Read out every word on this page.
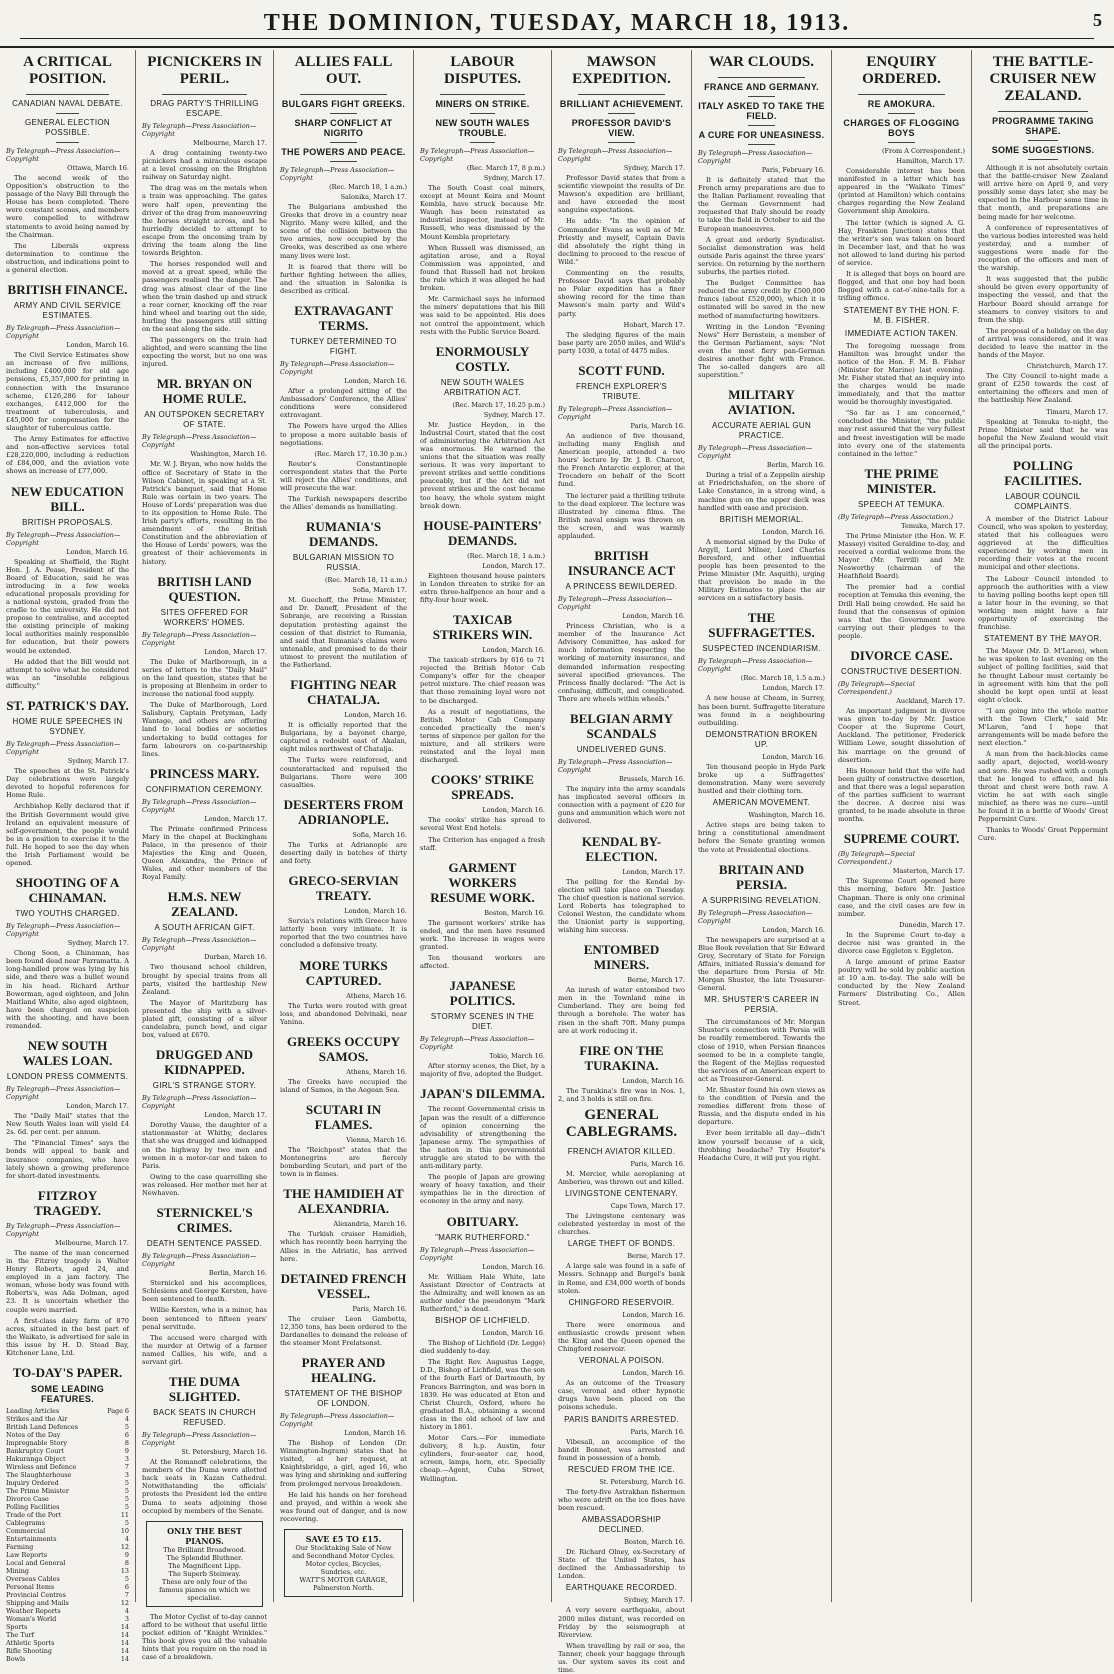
THE DOMINION, TUESDAY, MARCH 18, 1913.	5
A CRITICAL POSITION.
CANADIAN NAVAL DEBATE.
GENERAL ELECTION POSSIBLE.
By Telegraph—Press Association—Copyright
Ottawa, March 16.
The second week of the Opposition's obstruction to the passage of the Navy Bill through the House has been completed. There were constant scenes, and members were compelled to withdraw statements to avoid being named by the Chairman.
The Liberals express determination to continue the obstruction, and indications point to a general election.
BRITISH FINANCE.
ARMY AND CIVIL SERVICE ESTIMATES.
By Telegraph—Press Association—Copyright
London, March 16.
The Civil Service Estimates show an increase of five millions, including £400,000 for old age pensions, £5,357,000 for printing in connection with the Insurance scheme, £126,286 for labour exchanges, £412,000 for the treatment of tuberculosis, and £45,000 for compensation for the slaughter of tuberculous cattle.
The Army Estimates for effective and non-effective services total £28,220,000, including a reduction of £84,000, and the aviation vote shows an increase of £77,000.
NEW EDUCATION BILL.
BRITISH PROPOSALS.
By Telegraph—Press Association—Copyright
London, March 16.
Speaking at Sheffield, the Right Hon. J. A. Pease, President of the Board of Education, said he was introducing in a few weeks educational proposals providing for a national system, graded from the cradle to the university. He did not propose to centralise, and accepted the existing principle of making local authorities mainly responsible for education, but their powers would be extended.
He added that the Bill would not attempt to solve what he considered was an "insoluble religious difficulty."
ST. PATRICK'S DAY.
HOME RULE SPEECHES IN SYDNEY.
By Telegraph—Press Association—Copyright
Sydney, March 17.
The speeches at the St. Patrick's Day celebrations were largely devoted to hopeful references for Home Rule.
Archbishop Kelly declared that if the British Government would give Ireland an equivalent measure of self-government, the people would be in a position to exercise it to the full. He hoped to see the day when the Irish Parliament would be opened.
SHOOTING OF A CHINAMAN.
TWO YOUTHS CHARGED.
By Telegraph—Press Association—Copyright
Sydney, March 17.
Chong Soon, a Chinaman, has been found dead near Parramatta. A long-handled prow was lying by his side, and there was a bullet wound in his head. Richard Arthur Bowerman, aged eighteen, and John Maitland White, also aged eighteen, have been charged on suspicion with the shooting, and have been remanded.
NEW SOUTH WALES LOAN.
LONDON PRESS COMMENTS.
By Telegraph—Press Association—Copyright
London, March 17.
The "Daily Mail" states that the New South Wales loan will yield £4 2s. 6d. per cent. per annum.
The "Financial Times" says the bonds will appeal to bank and insurance companies, who have lately shown a growing preference for short-dated investments.
FITZROY TRAGEDY.
By Telegraph—Press Association—Copyright
Melbourne, March 17.
The name of the man concerned in the Fitzroy tragedy is Walter Henry Roberts, aged 24, and employed in a jam factory. The woman, whose body was found with Roberts's, was Ada Dolman, aged 23. It is uncertain whether the couple were married.
A first-class dairy farm of 870 acres, situated in the best part of the Waikato, is advertised for sale in this issue by H. D. Stead Bay, Kitchener Lane, Ltd.
TO-DAY'S PAPER.
SOME LEADING FEATURES.
Leading Articles	Page 6
Strikes and the Air	4
British Land Defences	5
Notes of the Day	6
Impregnable Story	8
Bankruptcy Court	9
Hakuranga Object	3
Wireless and Defence	7
The Slaughterhouse	3
Inquiry Ordered	5
The Prime Minister	5
Divorce Case	5
Polling Facilities	5
Trade of the Port	11
Cablegrams	5
Commercial	10
Entertainments	4
Farming	12
Law Reports	9
Local and General	8
Mining	13
Overseas Cables	5
Personal Items	6
Provincial Centres	7
Shipping and Mails	12
Weather Reports	4
Woman's World	3
Sports	14
The Turf	14
Athletic Sports	14
Rifle Shooting	14
Bowls	14
PICNICKERS IN PERIL.
DRAG PARTY'S THRILLING ESCAPE.
By Telegraph—Press Association—Copyright
Melbourne, March 17.
A drag containing twenty-two picnickers had a miraculous escape at a level crossing on the Brighton railway on Saturday night.
The drag was on the metals when a train was approaching. The gates were half open, preventing the driver of the drag from manoeuvring the horses straight across, and he hurriedly decided to attempt to escape from the oncoming train by driving the team along the line towards Brighton.
The horses responded well and moved at a great speed, while the passengers realised the danger. The drag was almost clear of the line when the train dashed up and struck a rear corner, knocking off the rear hind wheel and tearing out the side, hurling the passengers still sitting on the seat along the side.
The passengers on the train had alighted, and were scanning the line expecting the worst, but no one was injured.
MR. BRYAN ON HOME RULE.
AN OUTSPOKEN SECRETARY OF STATE.
By Telegraph—Press Association—Copyright
Washington, March 16.
Mr. W. J. Bryan, who now holds the office of Secretary of State in the Wilson Cabinet, in speaking at a St. Patrick's banquet, said that Home Rule was certain in two years. The House of Lords' preparation was due to its opposition to Home Rule. The Irish party's efforts, resulting in the amendment of the British Constitution and the abbreviation of the House of Lords' powers, was the greatest of their achievements in history.
BRITISH LAND QUESTION.
SITES OFFERED FOR WORKERS' HOMES.
By Telegraph—Press Association—Copyright
London, March 17.
The Duke of Marlborough, in a series of letters to the "Daily Mail" on the land question, states that he is proposing at Blenheim in order to increase the national food supply.
The Duke of Marlborough, Lord Salisbury, Captain Pretyman, Lady Wantage, and others are offering land to local bodies or societies undertaking to build cottages for farm labourers on co-partnership lines.
PRINCESS MARY.
CONFIRMATION CEREMONY.
By Telegraph—Press Association—Copyright
London, March 17.
The Primate confirmed Princess Mary in the chapel at Buckingham Palace, in the presence of their Majesties the King and Queen, Queen Alexandra, the Prince of Wales, and other members of the Royal Family.
H.M.S. NEW ZEALAND.
A SOUTH AFRICAN GIFT.
By Telegraph—Press Association—Copyright
Durban, March 16.
Two thousand school children, brought by special trains from all parts, visited the battleship New Zealand.
The Mayor of Maritzburg has presented the ship with a silver-plated gift, consisting of a silver candelabra, punch bowl, and cigar box, valued at £670.
DRUGGED AND KIDNAPPED.
GIRL'S STRANGE STORY.
By Telegraph—Press Association—Copyright
London, March 17.
Dorothy Vause, the daughter of a stationmaster at Whitby, declares that she was drugged and kidnapped on the highway by two men and women in a motor-car and taken to Paris.
Owing to the case quarrelling she was released. Her mother met her at Newhaven.
STERNICKEL'S CRIMES.
DEATH SENTENCE PASSED.
By Telegraph—Press Association—Copyright
Berlin, March 16.
Sternickel and his accomplices, Schlesiens and George Kersten, have been sentenced to death.
Willie Kersten, who is a minor, has been sentenced to fifteen years' penal servitude.
The accused were charged with the murder at Ortwig of a farmer named Callies, his wife, and a servant girl.
THE DUMA SLIGHTED.
BACK SEATS IN CHURCH REFUSED.
By Telegraph—Press Association—Copyright
St. Petersburg, March 16.
At the Romanoff celebrations, the members of the Duma were allotted back seats in Kazan Cathedral. Notwithstanding the officials' protests the President led the entire Duma to seats adjoining those occupied by members of the Senate.
ONLY THE BEST PIANOS.
The Brilliant Broadwood.
The Splendid Bluthner.
The Magnificent Lipp.
The Superb Steinway.
These are only four of the famous pianos on which we specialise.
The Motor Cyclist of to-day cannot afford to be without that useful little pocket edition of "Knight Wrinkles." This book gives you all the valuable hints that you require on the road in case of a breakdown.
ALLIES FALL OUT.
BULGARS FIGHT GREEKS.
SHARP CONFLICT AT NIGRITO
THE POWERS AND PEACE.
By Telegraph—Press Association—Copyright
(Rec. March 18, 1 a.m.)
Salonika, March 17.
The Bulgarians ambushed the Greeks that drove in a country near Nigrito. Many were killed, and the scene of the collision between the two armies, now occupied by the Greeks, was described as one where many lives were lost.
It is feared that there will be further fighting between the allies, and the situation in Salonika is described as critical.
EXTRAVAGANT TERMS.
TURKEY DETERMINED TO FIGHT.
By Telegraph—Press Association—Copyright
London, March 16.
After a prolonged sitting of the Ambassadors' Conference, the Allies' conditions were considered extravagant.
The Powers have urged the Allies to propose a more suitable basis of negotiations.
(Rec. March 17, 10.30 p.m.)
Reuter's Constantinople correspondent states that the Porte will reject the Allies' conditions, and will prosecute the war.
The Turkish newspapers describe the Allies' demands as humiliating.
RUMANIA'S DEMANDS.
BULGARIAN MISSION TO RUSSIA.
(Rec. March 18, 11 a.m.)
Sofia, March 17.
M. Guechoff, the Prime Minister, and Dr. Daneff, President of the Sobranje, are receiving a Russian deputation protesting against the cession of that district to Rumania, and said that Rumania's claims were untenable, and promised to do their utmost to prevent the mutilation of the Fatherland.
FIGHTING NEAR CHATALJA.
London, March 16.
It is officially reported that the Bulgarians, by a bayonet charge, captured a redoubt east of Akalan, eight miles northwest of Chatalja.
The Turks were reinforced, and counterattacked and repulsed the Bulgarians. There were 300 casualties.
DESERTERS FROM ADRIANOPLE.
Sofia, March 16.
The Turks at Adrianople are deserting daily in batches of thirty and forty.
GRECO-SERVIAN TREATY.
London, March 16.
Servia's relations with Greece have latterly been very intimate. It is reported that the two countries have concluded a defensive treaty.
MORE TURKS CAPTURED.
Athens, March 16.
The Turks were routed with great loss, and abandoned Delvinaki, near Yanina.
GREEKS OCCUPY SAMOS.
Athens, March 16.
The Greeks have occupied the island of Samos, in the Aegean Sea.
SCUTARI IN FLAMES.
Vienna, March 16.
The "Reichpost" states that the Montenegrins are fiercely bombarding Scutari, and part of the town is in flames.
THE HAMIDIEH AT ALEXANDRIA.
Alexandria, March 16.
The Turkish cruiser Hamidieh, which has recently been harrying the Allies in the Adriatic, has arrived here.
DETAINED FRENCH VESSEL.
Paris, March 16.
The cruiser Leon Gambetta, 12,350 tons, has been ordered to the Dardanelles to demand the release of the steamer Mont Frelatsonst.
PRAYER AND HEALING.
STATEMENT OF THE BISHOP OF LONDON.
By Telegraph—Press Association—Copyright
London, March 16.
The Bishop of London (Dr. Winnington-Ingram) states that he visited, at her request, at Knightsbridge, a girl, aged 16, who was lying and shrinking and suffering from prolonged nervous breakdown.
He laid his hands on her forehead and prayed, and within a week she was found out of danger, and is now recovering.
SAVE £5 TO £15.
Our Stocktaking Sale of New and Secondhand Motor Cycles. Motor cycles, Bicycles, Sundries, etc.
WATT'S MOTOR GARAGE,
Palmerston North.
LABOUR DISPUTES.
MINERS ON STRIKE.
NEW SOUTH WALES TROUBLE.
By Telegraph—Press Association—Copyright
(Rec. March 17, 8 p.m.)
Sydney, March 17.
The South Coast coal miners, except at Mount Keira and Mount Kembla, have struck because Mr. Waugh has been reinstated as industrial inspector, instead of Mr. Russell, who was dismissed by the Mount Kembla proprietary.
When Russell was dismissed, an agitation arose, and a Royal Commission was appointed, and found that Russell had not broken the rule which it was alleged he had broken.
Mr. Carmichael says he informed the miners' deputations that his Bill was said to be appointed. His does not control the appointment, which rests with the Public Service Board.
ENORMOUSLY COSTLY.
NEW SOUTH WALES ARBITRATION ACT.
(Rec. March 17, 10.25 p.m.)
Sydney, March 17.
Mr. Justice Heydon, in the Industrial Court, stated that the cost of administering the Arbitration Act was enormous. He warned the unions that the situation was really serious. It was very important to prevent strikes and settle conditions peaceably, but if the Act did not prevent strikes and the cost became too heavy, the whole system might break down.
HOUSE-PAINTERS' DEMANDS.
(Rec. March 18, 1 a.m.)
London, March 17.
Eighteen thousand house painters in London threaten to strike for an extra three-halfpence an hour and a fifty-four hour week.
TAXICAB STRIKERS WIN.
London, March 16.
The taxicab strikers by 616 to 71 rejected the British Motor Cab Company's offer for the cheaper petrol mixture. The chief reason was that those remaining loyal were not to be discharged.
As a result of negotiations, the British Motor Cab Company conceded practically the men's terms of sixpence per gallon for the mixture, and all strikers were reinstated and the loyal men discharged.
COOKS' STRIKE SPREADS.
London, March 16.
The cooks' strike has spread to several West End hotels.
The Criterion has engaged a fresh staff.
GARMENT WORKERS RESUME WORK.
Boston, March 16.
The garment workers' strike has ended, and the men have resumed work. The increase in wages were granted.
Ten thousand workers are affected.
JAPANESE POLITICS.
STORMY SCENES IN THE DIET.
By Telegraph—Press Association—Copyright
Tokio, March 16.
After stormy scenes, the Diet, by a majority of five, adopted the Budget.
JAPAN'S DILEMMA.
The recent Governmental crisis in Japan was the result of a difference of opinion concerning the advisability of strengthening the Japanese army. The sympathies of the nation in this governmental struggle are stated to be with the anti-military party.
The people of Japan are growing weary of heavy taxation, and their sympathies lie in the direction of economy in the army and navy.
OBITUARY.
"MARK RUTHERFORD."
By Telegraph—Press Association—Copyright
London, March 16.
Mr. William Hale White, late Assistant Director of Contracts at the Admiralty, and well known as an author under the pseudonym "Mark Rutherford," is dead.
BISHOP OF LICHFIELD.
London, March 16.
The Bishop of Lichfield (Dr. Legge) died suddenly to-day.
The Right Rev. Augustus Legge, D.D., Bishop of Lichfield, was the son of the fourth Earl of Dartmouth, by Frances Barrington, and was born in 1839. He was educated at Eton and Christ Church, Oxford, where he graduated B.A., obtaining a second class in the old school of law and history in 1861.
Motor Cars.—For immediate delivery, 8 h.p. Austin, four cylinders, four-seater car, hood, screen, lamps, horn, etc. Specially cheap.—Agent, Cuba Street, Wellington.
MAWSON EXPEDITION.
BRILLIANT ACHIEVEMENT.
PROFESSOR DAVID'S VIEW.
By Telegraph—Press Association—Copyright
Sydney, March 17.
Professor David states that from a scientific viewpoint the results of Dr. Mawson's expedition are brilliant, and have exceeded the most sanguine expectations.
He adds: "In the opinion of Commander Evans as well as of Mr. Priestly and myself, Captain Davis did absolutely the right thing in declining to proceed to the rescue of Wild."
Commenting on the results, Professor David says that probably no Polar expedition has a finer showing record for the time than Mawson's main party and Wild's party.
Hobart, March 17.
The sledging figures of the main base party are 2050 miles, and Wild's party 1030, a total of 4475 miles.
SCOTT FUND.
FRENCH EXPLORER'S TRIBUTE.
By Telegraph—Press Association—Copyright
Paris, March 16.
An audience of five thousand, including many English and American people, attended a two hours' lecture by Dr. J. B. Charcot, the French Antarctic explorer, at the Trocadero on behalf of the Scott fund.
The lecturer paid a thrilling tribute to the dead explorer. The lecture was illustrated by cinema films. The British naval ensign was thrown on the screen, and was warmly applauded.
BRITISH INSURANCE ACT
A PRINCESS BEWILDERED.
By Telegraph—Press Association—Copyright
London, March 16.
Princess Christian, who is a member of the Insurance Act Advisory Committee, has asked for much information respecting the working of maternity insurance, and demanded information respecting several specified grievances. The Princess finally declared: "The Act is confusing, difficult, and complicated. There are wheels within wheels."
BELGIAN ARMY SCANDALS
UNDELIVERED GUNS.
By Telegraph—Press Association—Copyright
Brussels, March 16.
The inquiry into the army scandals has implicated several officers in connection with a payment of £20 for guns and ammunition which were not delivered.
KENDAL BY-ELECTION.
London, March 17.
The polling for the Kendal by-election will take place on Tuesday. The chief question is national service. Lord Roberts has telegraphed to Colonel Weston, the candidate whom the Unionist party is supporting, wishing him success.
ENTOMBED MINERS.
Berne, March 17.
An inrush of water entombed two men in the Townland mine in Cumberland. They are being fed through a borehole. The water has risen in the shaft 70ft. Many pumps are at work reducing it.
FIRE ON THE TURAKINA.
London, March 16.
The Turakina's fire was in Nos. 1, 2, and 3 holds is still on fire.
GENERAL CABLEGRAMS.
FRENCH AVIATOR KILLED.
Paris, March 16.
M. Mercier, while aeroplaning at Amberieu, was thrown out and killed.
LIVINGSTONE CENTENARY.
Cape Town, March 17.
The Livingstone centenary was celebrated yesterday in most of the churches.
LARGE THEFT OF BONDS.
Berne, March 17.
A large sale was found in a safe of Messrs. Schnapp and Burgel's bank in Rome, and £34,000 worth of bonds stolen.
CHINGFORD RESERVOIR.
London, March 16.
There were enormous and enthusiastic crowds present when the King and the Queen opened the Chingford reservoir.
VERONAL A POISON.
London, March 16.
As an outcome of the Treasury case, veronal and other hypnotic drugs have been placed on the poisons schedule.
PARIS BANDITS ARRESTED.
Paris, March 16.
Vibesall, an accomplice of the bandit Bonnet, was arrested and found in possession of a bomb.
RESCUED FROM THE ICE.
St. Petersburg, March 16.
The forty-five Astrakhan fishermen who were adrift on the ice floes have been rescued.
AMBASSADORSHIP DECLINED.
Boston, March 16.
Dr. Richard Olney, ex-Secretary of State of the United States, has declined the Ambassadorship to London.
EARTHQUAKE RECORDED.
Sydney, March 17.
A very severe earthquake, about 2000 miles distant, was recorded on Friday by the seismograph at Riverview.
When travelling by rail or sea, the Tanner, cheek your baggage through us. Our system saves its cost and time.
WAR CLOUDS.
FRANCE AND GERMANY.
ITALY ASKED TO TAKE THE FIELD.
A CURE FOR UNEASINESS.
By Telegraph—Press Association—Copyright
Paris, February 16.
It is definitely stated that the French army preparations are due to the Italian Parliament revealing that the German Government had requested that Italy should be ready to take the field in October to aid the European manoeuvres.
A great and orderly Syndicalist-Socialist demonstration was held outside Paris against the three years' service. On returning by the northern suburbs, the parties rioted.
The Budget Committee has reduced the army credit by £500,000 francs (about £520,000), which it is estimated will be saved in the new method of manufacturing howitzers.
Writing in the London "Evening News" Herr Bernstein, a member of the German Parliament, says: "Not even the most fiery pan-German desires another fight with France. The so-called dangers are all superstition."
MILITARY AVIATION.
ACCURATE AERIAL GUN PRACTICE.
By Telegraph—Press Association—Copyright
Berlin, March 16.
During a trial of a Zeppelin airship at Friedrichshafen, on the shore of Lake Constance, in a strong wind, a machine gun on the upper deck was handled with ease and precision.
BRITISH MEMORIAL.
London, March 16.
A memorial signed by the Duke of Argyll, Lord Milner, Lord Charles Beresford, and other influential people has been presented to the Prime Minister (Mr. Asquith), urging that provision be made in the Military Estimates to place the air services on a satisfactory basis.
THE SUFFRAGETTES.
SUSPECTED INCENDIARISM.
By Telegraph—Press Association—Copyright
(Rec. March 18, 1.5 a.m.)
London, March 17.
A new house at Cheam, in Surrey, has been burnt. Suffragette literature was found in a neighbouring outbuilding.
DEMONSTRATION BROKEN UP.
London, March 16.
Ten thousand people in Hyde Park broke up a Suffragettes' demonstration. Many were severely hustled and their clothing torn.
AMERICAN MOVEMENT.
Washington, March 16.
Active steps are being taken to bring a constitutional amendment before the Senate granting women the vote at Presidential elections.
BRITAIN AND PERSIA.
A SURPRISING REVELATION.
By Telegraph—Press Association—Copyright
London, March 16.
The newspapers are surprised at a Blue Book revelation that Sir Edward Grey, Secretary of State for Foreign Affairs, initiated Russia's demand for the departure from Persia of Mr. Morgan Shuster, the late Treasurer-General.
MR. SHUSTER'S CAREER IN PERSIA.
The circumstances of Mr. Morgan Shuster's connection with Persia will be readily remembered. Towards the close of 1910, when Persian finances seemed to be in a complete tangle, the Regent of the Mejliss requested the services of an American expert to act as Treasurer-General.
Mr. Shuster found his own views as to the condition of Persia and the remedies different from those of Russia, and the dispute ended in his departure.
Ever been irritable all day—didn't know yourself because of a sick, throbbing headache? Try Heuter's Headache Cure, it will put you right.
ENQUIRY ORDERED.
RE AMOKURA.
CHARGES OF FLOGGING BOYS
(From A Correspondent.)
Hamilton, March 17.
Considerable interest has been manifested in a letter which has appeared in the "Waikato Times" (printed at Hamilton) which contains charges regarding the New Zealand Government ship Amokura.
The letter (which is signed A. G. Hay, Frankton Junction) states that the writer's son was taken on board in December last, and that he was not allowed to land during his period of service.
It is alleged that boys on board are flogged, and that one boy had been flogged with a cat-o'-nine-tails for a trifling offence.
STATEMENT BY THE HON. F. M. B. FISHER.
IMMEDIATE ACTION TAKEN.
The foregoing message from Hamilton was brought under the notice of the Hon. F. M. B. Fisher (Minister for Marine) last evening. Mr. Fisher stated that an inquiry into the charges would be made immediately, and that the matter would be thoroughly investigated.
"So far as I am concerned," concluded the Minister, "the public may rest assured that the very fullest and freest investigation will be made into every one of the statements contained in the letter."
THE PRIME MINISTER.
SPEECH AT TEMUKA.
(By Telegraph—Press Association.)
Temuka, March 17.
The Prime Minister (the Hon. W. F. Massey) visited Geraldine to-day, and received a cordial welcome from the Mayor (Mr. Terrill) and Mr. Nosworthy (chairman of the Heathfield Board).
The premier had a cordial reception at Temuka this evening, the Drill Hall being crowded. He said he found that the consensus of opinion was that the Government were carrying out their pledges to the people.
DIVORCE CASE.
CONSTRUCTIVE DESERTION.
(By Telegraph—Special Correspondent.)
Auckland, March 17.
An important judgment in divorce was given to-day by Mr. Justice Cooper at the Supreme Court, Auckland. The petitioner, Frederick William Lowe, sought dissolution of his marriage on the ground of desertion.
His Honour held that the wife had been guilty of constructive desertion, and that there was a legal separation of the parties sufficient to warrant the decree. A decree nisi was granted, to be made absolute in three months.
SUPREME COURT.
(By Telegraph—Special Correspondent.)
Masterton, March 17.
The Supreme Court opened here this morning, before Mr. Justice Chapman. There is only one criminal case, and the civil cases are few in number.
Dunedin, March 17.
In the Supreme Court to-day a decree nisi was granted in the divorce case Eggleton v. Eggleton.
A large amount of prime Easter poultry will be sold by public auction at 10 a.m. to-day. The sale will be conducted by the New Zealand Farmers' Distributing Co., Allen Street.
THE BATTLE-CRUISER NEW ZEALAND.
PROGRAMME TAKING SHAPE.
SOME SUGGESTIONS.
Although it is not absolutely certain that the battle-cruiser New Zealand will arrive here on April 9, and very possibly some days later, she may be expected in the Harbour some time in that month, and preparations are being made for her welcome.
A conference of representatives of the various bodies interested was held yesterday, and a number of suggestions were made for the reception of the officers and men of the warship.
It was suggested that the public should be given every opportunity of inspecting the vessel, and that the Harbour Board should arrange for steamers to convey visitors to and from the ship.
The proposal of a holiday on the day of arrival was considered, and it was decided to leave the matter in the hands of the Mayor.
Christchurch, March 17.
The City Council to-night made a grant of £250 towards the cost of entertaining the officers and men of the battleship New Zealand.
Timaru, March 17.
Speaking at Temuka to-night, the Prime Minister said that he was hopeful the New Zealand would visit all the principal ports.
POLLING FACILITIES.
LABOUR COUNCIL COMPLAINTS.
A member of the District Labour Council, who was spoken to yesterday, stated that his colleagues were aggrieved at the difficulties experienced by working men in recording their votes at the recent municipal and other elections.
The Labour Council intended to approach the authorities with a view to having polling booths kept open till a later hour in the evening, so that working men might have a fair opportunity of exercising the franchise.
STATEMENT BY THE MAYOR.
The Mayor (Mr. D. M'Laren), when he was spoken to last evening on the subject of polling facilities, said that he thought Labour must certainly be in agreement with him that the poll should be kept open until at least eight o'clock.
"I am going into the whole matter with the Town Clerk," said Mr. M'Laren, "and I hope that arrangements will be made before the next election."
A man from the back-blocks came sadly apart, dejected, world-weary and sore. He was rushed with a cough that he longed to efface, and his throat and chest were both raw. A victim he sat with each single mischief, as there was no cure—until he found it in a bottle of Woods' Great Peppermint Cure.
Thanks to Woods' Great Peppermint Cure.
